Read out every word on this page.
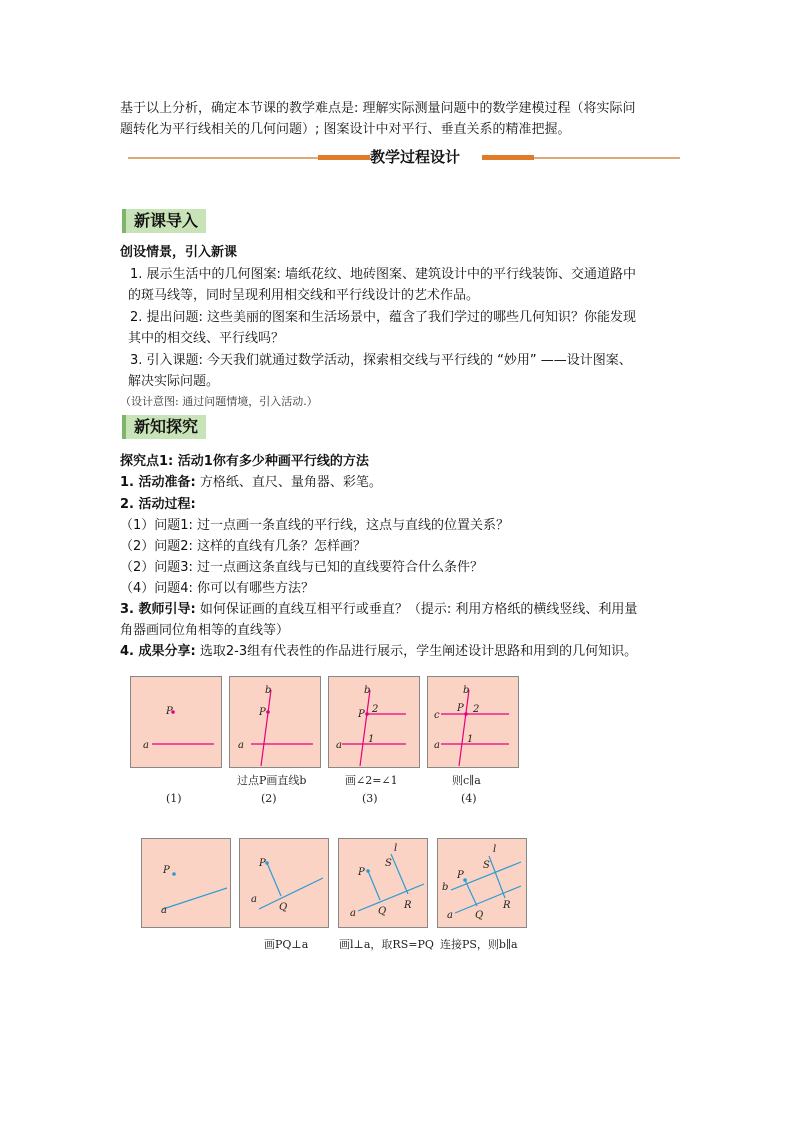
基于以上分析，确定本节课的教学难点是: 理解实际测量问题中的数学建模过程（将实际问
题转化为平行线相关的几何问题）; 图案设计中对平行、垂直关系的精准把握。
教学过程设计
新课导入
创设情景，引入新课
1. 展示生活中的几何图案: 墙纸花纹、地砖图案、建筑设计中的平行线装饰、交通道路中
的斑马线等，同时呈现利用相交线和平行线设计的艺术作品。
2. 提出问题: 这些美丽的图案和生活场景中，蕴含了我们学过的哪些几何知识？你能发现
其中的相交线、平行线吗？
3. 引入课题: 今天我们就通过数学活动，探索相交线与平行线的 “妙用” ——设计图案、
解决实际问题。
（设计意图: 通过问题情境，引入活动.）
新知探究
探究点1: 活动1你有多少种画平行线的方法
1. 活动准备: 方格纸、直尺、量角器、彩笔。
2. 活动过程:
（1）问题1: 过一点画一条直线的平行线，这点与直线的位置关系？
（2）问题2: 这样的直线有几条？怎样画？
（2）问题3: 过一点画这条直线与已知的直线要符合什么条件？
（4）问题4: 你可以有哪些方法？
3. 教师引导: 如何保证画的直线互相平行或垂直？（提示: 利用方格纸的横线竖线、利用量
角器画同位角相等的直线等）
4. 成果分享: 选取2-3组有代表性的作品进行展示，学生阐述设计思路和用到的几何知识。
P
a
P
b
a
P
b
a
2
1
P
b
a
c
2
1
过点P画直线b	画∠2=∠1	则c∥a
(1)	(2)	(3)	(4)
P
a
P
a
Q
P
S
l
a Q
R
P
S
l
b
a Q
R
画PQ⊥a	画l⊥a，取RS=PQ 连接PS，则b∥a
